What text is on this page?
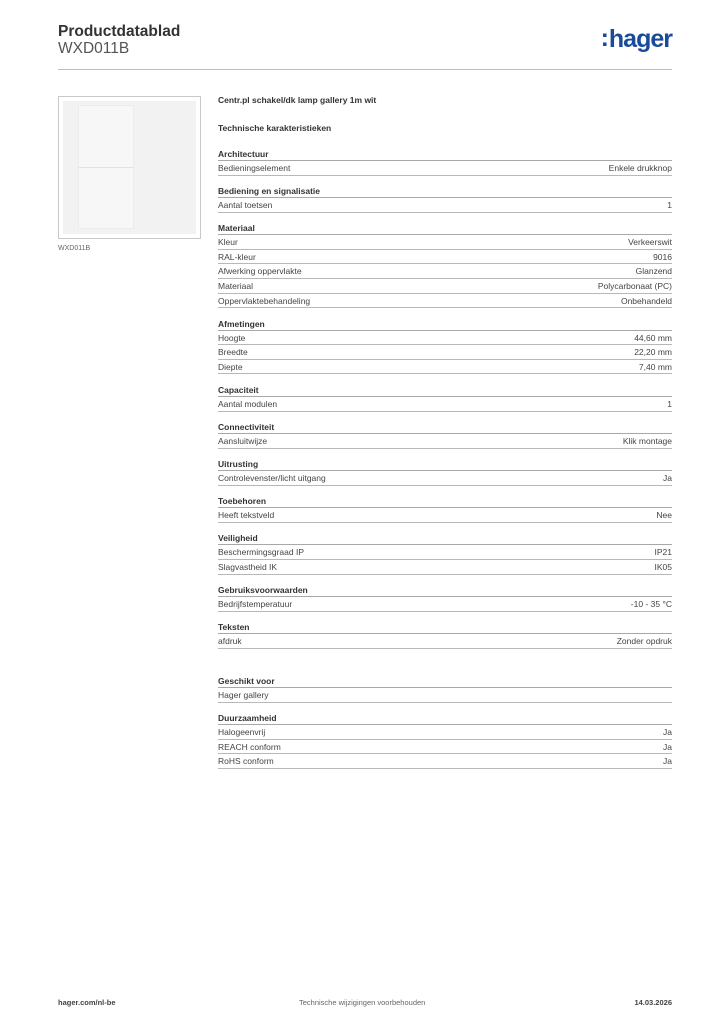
Productdatablad
WXD011B	:hager
WXD011B
Centr.pl schakel/dk lamp gallery 1m wit
Technische karakteristieken
Architectuur
Bedieningselement	Enkele drukknop
Bediening en signalisatie
Aantal toetsen	1
Materiaal
Kleur	Verkeerswit
RAL-kleur	9016
Afwerking oppervlakte	Glanzend
Materiaal	Polycarbonaat (PC)
Oppervlaktebehandeling	Onbehandeld
Afmetingen
Hoogte	44,60 mm
Breedte	22,20 mm
Diepte	7,40 mm
Capaciteit
Aantal modulen	1
Connectiviteit
Aansluitwijze	Klik montage
Uitrusting
Controlevenster/licht uitgang	Ja
Toebehoren
Heeft tekstveld	Nee
Veiligheid
Beschermingsgraad IP	IP21
Slagvastheid IK	IK05
Gebruiksvoorwaarden
Bedrijfstemperatuur	-10 - 35 °C
Teksten
afdruk	Zonder opdruk
Geschikt voor
Hager gallery
Duurzaamheid
Halogeenvrij	Ja
REACH conform	Ja
RoHS conform	Ja
hager.com/nl-be	Technische wijzigingen voorbehouden	14.03.2026
